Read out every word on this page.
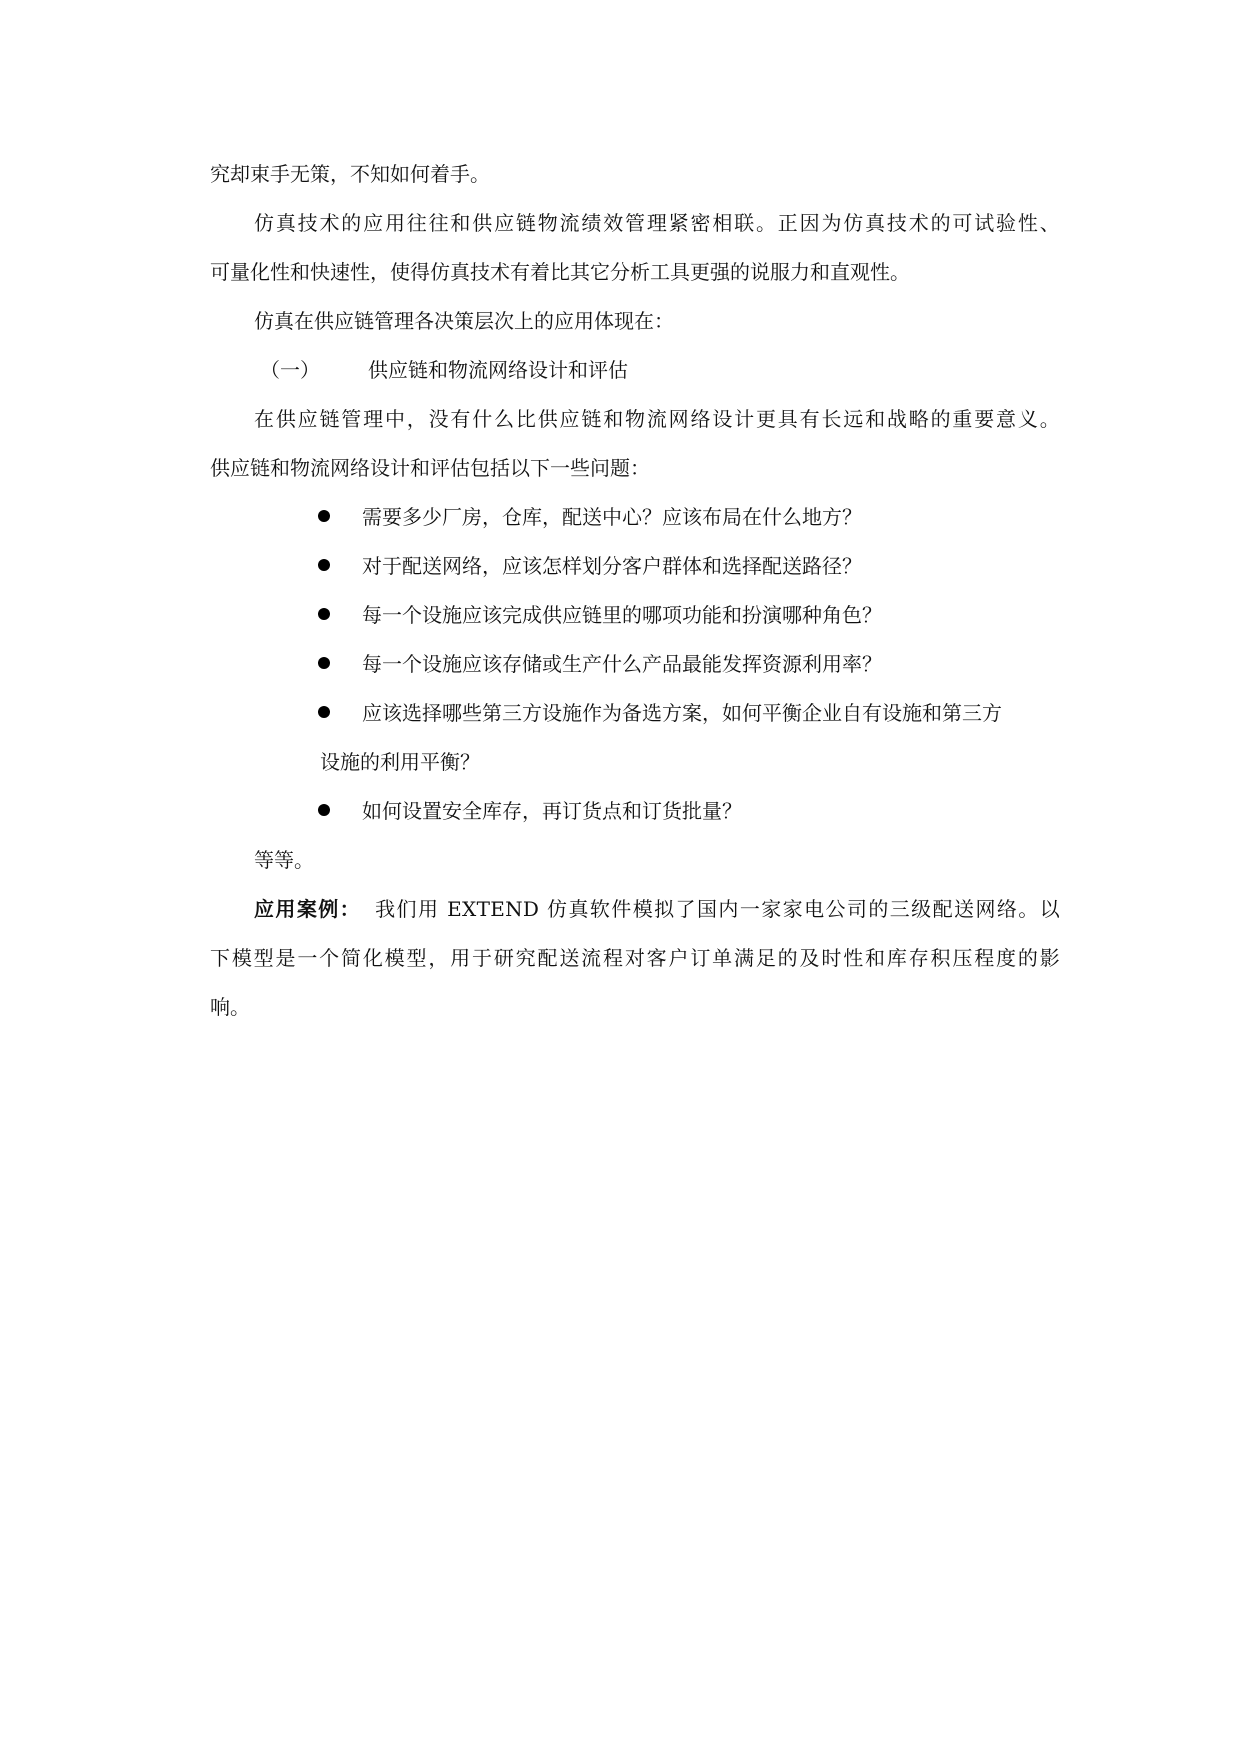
究却束手无策，不知如何着手。
仿真技术的应用往往和供应链物流绩效管理紧密相联。正因为仿真技术的可试验性、
可量化性和快速性，使得仿真技术有着比其它分析工具更强的说服力和直观性。
仿真在供应链管理各决策层次上的应用体现在：
（一） 供应链和物流网络设计和评估
在供应链管理中，没有什么比供应链和物流网络设计更具有长远和战略的重要意义。
供应链和物流网络设计和评估包括以下一些问题：
需要多少厂房，仓库，配送中心？应该布局在什么地方？
对于配送网络，应该怎样划分客户群体和选择配送路径？
每一个设施应该完成供应链里的哪项功能和扮演哪种角色？
每一个设施应该存储或生产什么产品最能发挥资源利用率？
应该选择哪些第三方设施作为备选方案，如何平衡企业自有设施和第三方
设施的利用平衡？
如何设置安全库存，再订货点和订货批量？
等等。
应用案例： 我们用 EXTEND 仿真软件模拟了国内一家家电公司的三级配送网络。以
下模型是一个简化模型，用于研究配送流程对客户订单满足的及时性和库存积压程度的影
响。
